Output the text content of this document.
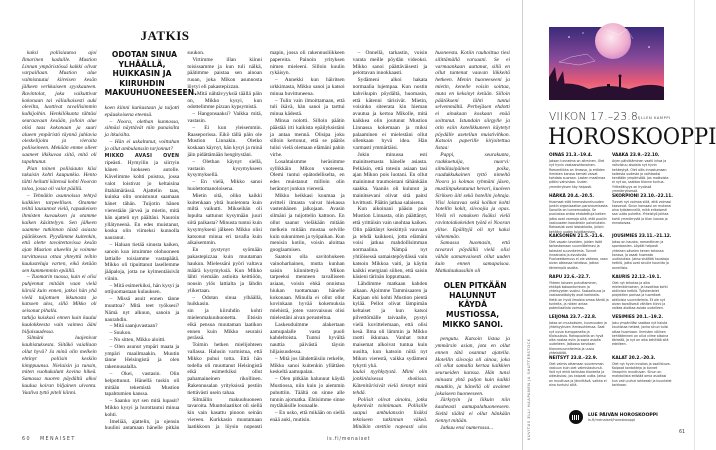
JATKIS

kaksi poliisiautoa ajoi Ilmarinen kaduille. Mustion Linnan ympäristössä kaikki olivat varpaillaan. Mustion alue valmistautui kiireisen kesän jälkeen verkkaiseen syyskauteen. Ravintolat, joka vaikuttivat kokonaan tai väliaikaisesti auki olevilta, luottivat tavallisimmin kulkijoihin. Henkilökunta tähtäsi seuraavaan kesään, jolloin alue olisi taas kokonaan ja suuri alueen ympäristö täynnä juhlavia oleskelijoita ja vieraita poliiseineen. Mekään emme olleet saaneet ilkikuvaa siitä, mitä oli tapahtunut.

Pian toinen poliisiauto kiisi takaisin kohti kaupunkia. Hento tähti heilutti kätensä kohti Nooran taloa, jossa oli valot päällä.

– Tehnäkin asunnoissa tehtyä kaikkien tarpeellisen. Otamme teiltä lausunnot vielä, rapuskeisen ihmisten kuvauksen ja otamme kaiken käsittelyyn. Sen jälkeen saamme tutkinnan tästä asiasta päätökseen. Pyydämme kuitenkin, että olette tavoitettavissa kesän ajan Mustion alueella ja voimme tarvittaessa ottaa yhteyttä teihin kuulusteluja varten, eikä ketään sen kummemmin epäillä.

– Tuomarin tuossa, kuin ei olisi puhjennut mitään vaan vielä kärsiä kuin ennen, jatkoi hän yhä vielä tuijottaen ikkunasta ja katsoen ulos, sillä Mikko oli seisonut pihalla.

tutkija kuiskasi ennen kuin kuului kuulokkeesta vain vaimea ääni hiljaisuudessa.

Silmäni laajenivat kauhistuksesta. Siitäkö vaiallaan ollut hyvä? Ja minä olin melkein ehtinyt poliisin keskiin kimppuunsa. Nielaisin ja tunsin, miten vuohukalunt kovina hikeä. Samassa nuoren päydältä alkoi kuulua koiran hiljainen ulvonta. Vaaliva tyttö piteli kiinni.

ODOTAN SINUA YLHÄÄLLÄ, HUIKKASIN JA KIIRUHDIN MAKUUHUONEESEEN.

koen kiinni kurkustaan ja tuijotti epäuskoisena eteensä.

– Noora, olethan kunnossa, silmäsi näyttävät niin punaisilta ja itkuisilta.

– Hän ei uskaltanut, voittahan jo ollut ambulanssin tarjonnut?

MIKKO AVASI OVEN ripeästi. Hymyilin ja siirryin hänen luokseen autolle. Kävelimme kohti puistoa, jossa valot loistivat jo keltaisina iltahämärässä. Ajattelin taas, kuinka olin onnistunut saamaan hänet tähän. Tuijotin hänen vierestään järveä ja mietin, mitä hän ajatteli nyt päältäni. Nauroin yllätyneenä. En edes muistanut, koska olin viimeksi kunnolla nauranut.

– Haluan tietää sinusta kaiken, sanoin kun istuimme olohuoneen lattialle toisiamme vastapäätä. Mikko oli tipuittanut lasellemme jääpaloja, jotta ne kylmentäisivät viinin.

– Mitä esimerkiksi, hän kysyi ja ottijuomastaan kulauksen.

– Missä asuit ennen tänne muuttoa? Mitä teet työksesi? Nämä nyt alkuun, sanoin ja naurahdin.

– Mitä saanjuvastaan?

– Suukon.

– No sitten, Mikko aloitti.

– Olen asunut ympäri maata ja ympäri maailmaakin. Muutin tänne Helsingistä ja olen rakennusalalla.

– Okei, vastasin. Olin helpottunut. Hänellä tuskin oli mitään tekemistä Mustion tapahtumien kanssa.

– Saanko nyt sen mitä lupasit? Mikko kysyi ja hurottautui minua kohti.

Imeliää, ajattelin, ja ojensin huulini antamaan hänelle pitkän suukon.

Virtimme illan kiinni toisissamme ja kun tuli nälkä, päätimme paistaa sen ainoan ruoan, joka Mikon asunnosta löytyi eli pakastepizzan.

– Mitä nähtävyyksiä täällä päin on, Mikko kysyi, kun odottelimme pizzan kypsymistä.

– Hangonsaaksi? Vaikka mitä, vastasin.

– Ei kun yleisemmin. Raaseporissa. Eikö tällä päin ole Mustion Linnakin. Oletko koskaan käynyt, hän kysyi ja minä jäin pidättämään hengitystäni.

– Olethan käynyt siellä, vastasin kysymykseen kysymyksellä.

– En vielä, Mikko sanoi huolettomanoloisena.

Mietin sitä, oliko kaikki kuitenkaan yhtä huoletonta kuin miltä vaikutti. Mikseihän oli lopulta sattunut kysymään juuri siitä paikasta? Minusta tuntui kuin kysymykseni jälkeen Mikko olisi katsonut minua eri tavalla kuin aikaisemmin.

En pystynyt syömään pakastepizzaa kuin muutaman haukun. Mielessäni pyöri valtava määrä kysymyksiä. Kun Mikko lähti viemään astioita keittiöön, nousin ylös lattialta ja lähdin ylikertaan.

– Odotan sinua ylhäällä, huikkasin.

sin ja kiiruhdin kohti mielenmakuuhuonetta. Etsisin eikä pensoa muutaman laatikon ennen kuin Mikko seuraisi perässä.

Toimin hetken mielijohteen vallassa. Halusin varmistua, että Mikko puhui totta. Että hän todella oli muuttanut Helsingistä eikä esimerkiksi ollut pahamaineinen rikollinen. Rakennusalan yrityksissä pestiin tiettävästi usein rahaa.

Silmäilin makuuhuoneen tavaroita. Muuttolaatikot oli siellä kin vain kasattu pinoon seinän viereen. Kurkkasin muutamaan laatikkoon ja löysin nopeasti mapin, jossa oli rakennusliikkeen papereita. Painoin yrityksen nimen mieleeni. Silloin kuulin rykäisyn.

– Annekki kun häiritsen urkkimasta, Mikko sanoi ja katsoi minua huvittuneena.

– Tulin vain ilmoittamaan, että tuli ikävä, hän sanoi ja tarttui minua kädestä.

Minua nolotti. Silloin päätin päästää irti kaikista epäilyksistäni ja antaa mennä. Olisipa joku silloin kertonut, että se päätös tulisi vielä olemaan elämäni pahin virhe.

Losahtaismme heräsimme syllikkäin Mikon vuoteesta. Olemi tuntui epätodelliselta, en edes muistanut milloin olin herännyt jonkun vierestä.

Mikko heikkasi kuumaa ja avitteli ilmasta vaivat hiekassa vastenhänen jalkojaan. Avasin silmäni ja tuijottelin kattoon. En ollut saanut vieläkään mitään melkein mitään mustaa selville kuin sukunimen ja työpaikan. Kun menisin kotiin, voisin aloittaa googlaamisen.

Saatoin olla savitohukeen vainoharhainen, mutta kunhan saisin kiinnitettyä Mikon tarpeeksi menneen tavalliseen asiaan, voisin ehkä onnistua hiukan tuottamaan hänelle kokonaan. Minulla ei ollut ollut kovinkaan hyvää kokemuksia miehistä, joten varovaisuus olisi mielestäni aivan perusteltua.

Laskeuduimme alakertaan aamupalalle vasta puoli kahdeltoista. Tuntui hyvältä nauttia päivästä täysin hiljaisuudessa.

– Mitä jos lähdettäisiin retkelle, Mikko sanoi kuitenkin yllättäen keskeltä aamupalan.

– Olen pitkään halunnut käydä Mustiossa, niin kuin jo aiemmin puhuttiin. Täältä on sinne alle tunnin ajomatka. Ehtisimme sinne mytähäisille lounaalle.

– En usko, että mikään on siellä enää auki, mutisin.

– Onnellä, tarkastin, voisin varata meille pöydän videoksi. Mikko sanoi päättäväisesti ja pelottavan innokkaasti.

Sydämeni alkoi hakata normaalia lujempaa. Kun nostin kahvikupin pöydältä, huomasin, että kätenni tärisivät. Mietin, voisinko siteerata kin hieman avautua ja kertoa Mikolle, mitä kaikkea olin joutunut Mustion Linnassa kokemaan ja miksi palaaminen ei mielestäni ollut ollenkaan hyvä idea. Hän varmasti ymmärtäisi.

Jokin minussa esti mainitsemasta hänelle asiasta. Pelkäsin, että totesin asiaan tasi ajan Mikon pois luotani. En ollut maininnut traumoistani tähänkään saakka. Vaaniis oli kulunut ja mainitsevani olivat sitä paitsi luvittusti. Päätin jatkaa salaisena.

Kun aikoinani pääsin pois Mustion Linnasta, olin päättänyt, että yrittäisin vain unohtaa kaiken. Olin päättänyt keskittyä vauvaan ja tehdä kaikkeni, jotta elämäni voisi jatkua mahdollisimman normaalina. Nämpä nyt yhtiöisessä samaistepöydässä vain katsoin Mikkoa vaiti, ja käytin kaikki energiani siihen, että saisin käsieni tärinän loppumaan.

Lähdimme matkaan kahden aikaan. Ajoimme Tammisaaren ja Karjaan ohi kohti Mustion pientä kylää. Pellot olivat lämpimän keltaiset ja kun katsoi pilvettömälle taivaalle, pystyi vielä kuvittelemaan, että olisi kesä. Ilma oli lämmin ja Mikko raotti ikkunaa. Vanhat tutut maisemat alkoivat tuntua kuin uusilta, kun katsoin niitä nyt Mikon vierestä, vaikka sydämeni tykytti yhä.

laulai nyyhkytystä. Mimi olin jonkinlaisessa shokissa. Kätenitärisivät vielä tiennyt mitä tehdä.

Poliisit olivat ainoita, jotka kykenivät toimimaan. Poliisille saapui ambulanssin lisäksi tekniseen tutkinnan väkeä. Minäkin otettiin nopeasti ulos huoneesta. Kotiin rauhoittua tiesi silittämällä varsaani. Se ei varmaankaan auttanut, sillä en ollut tuntenut vauvan liikkeitä hetkeen. Menin huoneeseeni ja mietin, kenelle voisin soittaa, muta en keksinyt ketään. Silloin päätökseni lähti tuntui selvemmältä. Perhejäsen ehdotti ei ainakaan koskaan enää soittanut. Istundain siirgylle ja otin esiin kotelikkuneen käytetyt pöydälle asetellun muistivihkon. Katsoin paperille kirjoitettua listaa:

Pappi, seurakunta, raakkuetuija, nuorvi: silmälasipäinen poika, raadukkukainen tyttö nimeltä Noora ja kolmas ryhmäni jäsen, mustiinpukeutunut hevari, kuoleen Siriksen äiti sekä hotellin johtaja. Viisi loistavaa sekä kolikot kohti hotellin kokit, siivoojia ja opas. Vielä vii vanuksen lisäksi vielä ravintolakokeiden työtä ei Nooran ylitse. Epäiltyjä oli nyt kaksi vähemmän.

Samassa huomasin, että tavaravi pöydällä vielä olisi vähän samanvaisesti ollut uuden kuin ennen samapaisoa. Matkalaukussikin oli

OLEN PITKÄÄN HALUNNUT KÄYDÄ MUSTIOSSA, MIKKO SANOI.

pengutu. Katsoin listaa ja ymmärsin asian, jota en ollut ennen tätä osannut ajatella. Hotellin siivooja oli ainoa, joka oli ollut samalla kertaa kaikkien seurueiden kanssa. Hän tunsi minusta yhtä paljon kuin kaikki muutkin, ja hänellä oli avaimet jokaiseen huoneeseen.

Järkytyin ja liikuin niin kauheasti aamupalahuoneeseen. Sieltä täältä ei ollut hänkään tiennyt mitään.

Jatkuu ensi numerossa...

60 MENAISET	is.fi/menaiset	KUVITUS ELLI HAAPANEN JA SHUTTERSTOCK
VIIKON 17.–23.8.
ELLEN KAMPPI
HOROSKOOPPI
OINAS 21.3.–19.4.

Jakson tunnelma on aitminen. Olet nyt hyvin vastaanottavainen. Romantiikka on ilmassa, ja eräiden ihmisten kanssa kemiat vaivat kohdata suoraan. Lasten maailmaa pitäisi vahvistaa. Uuden ymmärryksen käy helposti.

VAAKA 23.9.–22.10.

Arjen päivittäminen vaatii intoa ja vahvistuu aisoista nyt hyvin kehkeytyä. Olet altis innostumaan kaikesta uudesta ja vaihtaaksi kenttään ympäristöä. Jos matkoista ei nyt oo, saattaa tilanne tuntua. Yritteliäisyys on hyvässä ymmärryksessä.

HÄRKÄ 20.4.–20.5.

Huomaat etät hermostuneisuuden jonkin organisaation parantumisesta. Sanoilla on tunnemuotoja. Se puolustaa antaa ehdotettuja kaiken jotka ovat varmoja siitä, että puoliin vastuuseen koosteisiin palveluksiin. Rahaasiat ovat loistokkaita, jolloin kehittyy uuden tuloittamisen.

SKORPIONI 23.10.–22.11.

Tunnet nyt voimaa siitä, että voimasi kasvavat. Sinun kanssasi on mukana aina työskennellä, mikä erikoisesti saa uutta puhetta. Yhteistyö johtaa kohti ymmärrystä ja tilan luovaa ja ennakoivaa.

KAKSONEN 21.5.–21.6.

Olet vapain lavaiden, joiden lisää tarkastamaan suunnittelmasi ja toteutat suunnitelmia. Tunnet innostusta ja avustusta. Puolueettomuus ei ole vaikeaa, vaan aivan oikeassa tahdissa. Jatkan tärkeimpiä asioita.

JOUSIMIES 23.11.–21.12.

Jakso on hauska, romanttinen ja spontaanien. Löydät helposti yhteisen sävelen kenen tahansa kanssa, ja osaat huomata uudistuksia. Jakso sisältää hauskoja hetkiä, jotka ovat sinulle kauniita ja onnellisia.

RAPU 22.6.–22.7.

Yhteen toiseen puhuttaminen, ehkäpä kokoontumisen ja yhteisyyden vuoksi. Sosiaalisuus ja vastaanottokyky ovat korkealla. Hetki on hyvä ilmaista omaa ääntä ja tunteita, ja niiden antaa potentiaalista voimaa.

KAURIS 22.12.–19.1.

Olet nyt tehokas ja aika mielenkiintoinen, ja tavoittaa kohti aktiivisia hetkiä. Työskentelet projektien parissa ja tuomitset aktiivisia suunnitelmia. Et ole nyt aivan tavallisesti vähiten kiinni ja vaikea aloittaa asiota uudelleen.

LEIJONA 23.7.–22.8.

Jakso on muutoksien, kuumuuden ja yhteisyyksien ihmissuhteissa. Saat nyt uusia kumppaneita ja tilaisuuksia. Rahapuolella on hyvä aika nostaa esiin ja sopia asioita uudelleen. Jatkossa tarvitaan tilannesuunnitelmia ja uusia yhteistöitä.

VESIMIES 20.1.–19.2.

Joku ympärilläsi saattaa nyt haluta kauhistaa hetkeä, jonka sinun tulisi ottaa huomioon. Ihmisten välinen kehittäminen on ollut viime aikoina tärkeää, ja nyt on aika kehittää sitä edelleen.

NEITSYT 23.8.–22.9.

Olet valmis ottamaan suuremman vastuun kuin olet valmistautunut. Voit nyt ehkä tarkistaa tilanteita ja oikeuksiasi, jos kaipaat uutta. Jakso on muuttuva ja jännittävä, vaikka ei aina tuntuisi siltä.

KALAT 20.2.–20.3.

Olet nyt hyvin innokas ja osallistuva. Kaipaat kontakteja ja tunnet ilmapiirin muuttuvan. Sinun on mahdollista edistää omia asioitasi kun vain puhut rohkeasti ja kuuntelet tarkkaan.

LUE PÄIVÄN HOROSKOOPPI
is.fi/menaiset/horoskooppi
61
